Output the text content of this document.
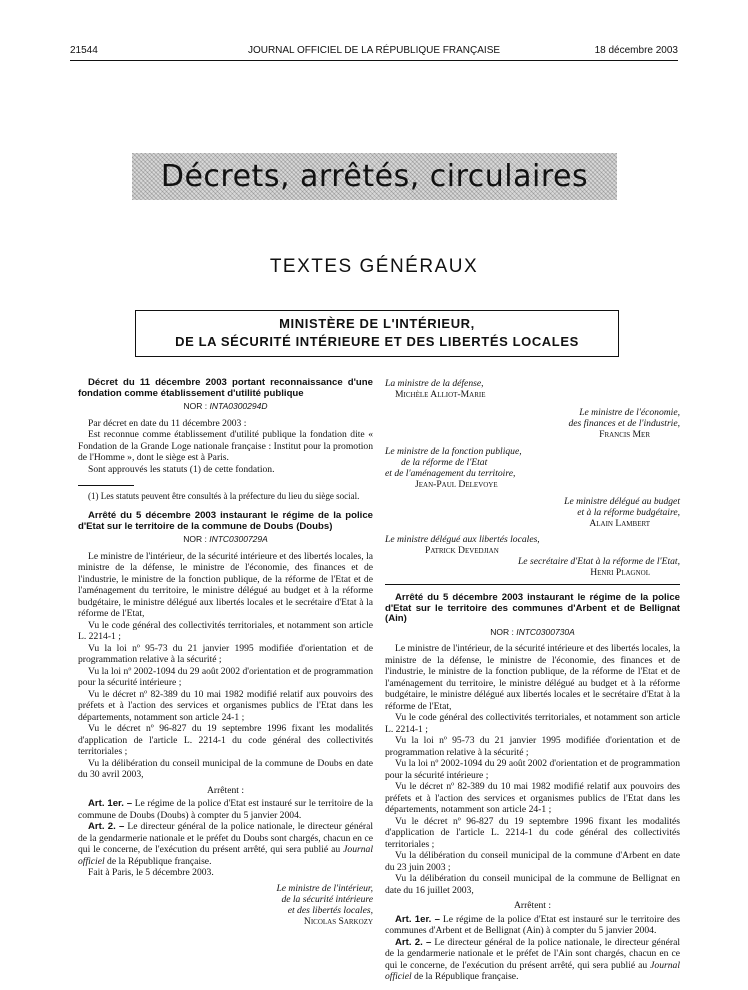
21544	JOURNAL OFFICIEL DE LA RÉPUBLIQUE FRANÇAISE	18 décembre 2003
Décrets, arrêtés, circulaires
TEXTES GÉNÉRAUX
MINISTÈRE DE L'INTÉRIEUR,
DE LA SÉCURITÉ INTÉRIEURE ET DES LIBERTÉS LOCALES

Décret du 11 décembre 2003 portant reconnaissance d'une fondation comme établissement d'utilité publique

NOR : INTA0300294D

Par décret en date du 11 décembre 2003 :

Est reconnue comme établissement d'utilité publique la fondation dite « Fondation de la Grande Loge nationale française : Institut pour la promotion de l'Homme », dont le siège est à Paris.

Sont approuvés les statuts (1) de cette fondation.

(1) Les statuts peuvent être consultés à la préfecture du lieu du siège social.

Arrêté du 5 décembre 2003 instaurant le régime de la police d'Etat sur le territoire de la commune de Doubs (Doubs)

NOR : INTC0300729A

Le ministre de l'intérieur, de la sécurité intérieure et des libertés locales, la ministre de la défense, le ministre de l'économie, des finances et de l'industrie, le ministre de la fonction publique, de la réforme de l'Etat et de l'aménagement du territoire, le ministre délégué au budget et à la réforme budgétaire, le ministre délégué aux libertés locales et le secrétaire d'Etat à la réforme de l'Etat,

Vu le code général des collectivités territoriales, et notamment son article L. 2214-1 ;

Vu la loi nº 95-73 du 21 janvier 1995 modifiée d'orientation et de programmation relative à la sécurité ;

Vu la loi nº 2002-1094 du 29 août 2002 d'orientation et de programmation pour la sécurité intérieure ;

Vu le décret nº 82-389 du 10 mai 1982 modifié relatif aux pouvoirs des préfets et à l'action des services et organismes publics de l'Etat dans les départements, notamment son article 24-1 ;

Vu le décret nº 96-827 du 19 septembre 1996 fixant les modalités d'application de l'article L. 2214-1 du code général des collectivités territoriales ;

Vu la délibération du conseil municipal de la commune de Doubs en date du 30 avril 2003,

Arrêtent :

Art. 1er. – Le régime de la police d'Etat est instauré sur le territoire de la commune de Doubs (Doubs) à compter du 5 janvier 2004.

Art. 2. – Le directeur général de la police nationale, le directeur général de la gendarmerie nationale et le préfet du Doubs sont chargés, chacun en ce qui le concerne, de l'exécution du présent arrêté, qui sera publié au Journal officiel de la République française.

Fait à Paris, le 5 décembre 2003.

Le ministre de l'intérieur,
de la sécurité intérieure
et des libertés locales,
Nicolas Sarkozy
La ministre de la défense,
Michèle Alliot-Marie
Le ministre de l'économie,
des finances et de l'industrie,
Francis Mer
Le ministre de la fonction publique,
de la réforme de l'Etat
et de l'aménagement du territoire,
Jean-Paul Delevoye
Le ministre délégué au budget
et à la réforme budgétaire,
Alain Lambert
Le ministre délégué aux libertés locales,
Patrick Devedjian
Le secrétaire d'Etat à la réforme de l'Etat,
Henri Plagnol

Arrêté du 5 décembre 2003 instaurant le régime de la police d'Etat sur le territoire des communes d'Arbent et de Bellignat (Ain)

NOR : INTC0300730A

Le ministre de l'intérieur, de la sécurité intérieure et des libertés locales, la ministre de la défense, le ministre de l'économie, des finances et de l'industrie, le ministre de la fonction publique, de la réforme de l'Etat et de l'aménagement du territoire, le ministre délégué au budget et à la réforme budgétaire, le ministre délégué aux libertés locales et le secrétaire d'Etat à la réforme de l'Etat,

Vu le code général des collectivités territoriales, et notamment son article L. 2214-1 ;

Vu la loi nº 95-73 du 21 janvier 1995 modifiée d'orientation et de programmation relative à la sécurité ;

Vu la loi nº 2002-1094 du 29 août 2002 d'orientation et de programmation pour la sécurité intérieure ;

Vu le décret nº 82-389 du 10 mai 1982 modifié relatif aux pouvoirs des préfets et à l'action des services et organismes publics de l'Etat dans les départements, notamment son article 24-1 ;

Vu le décret nº 96-827 du 19 septembre 1996 fixant les modalités d'application de l'article L. 2214-1 du code général des collectivités territoriales ;

Vu la délibération du conseil municipal de la commune d'Arbent en date du 23 juin 2003 ;

Vu la délibération du conseil municipal de la commune de Bellignat en date du 16 juillet 2003,

Arrêtent :

Art. 1er. – Le régime de la police d'Etat est instauré sur le territoire des communes d'Arbent et de Bellignat (Ain) à compter du 5 janvier 2004.

Art. 2. – Le directeur général de la police nationale, le directeur général de la gendarmerie nationale et le préfet de l'Ain sont chargés, chacun en ce qui le concerne, de l'exécution du présent arrêté, qui sera publié au Journal officiel de la République française.
